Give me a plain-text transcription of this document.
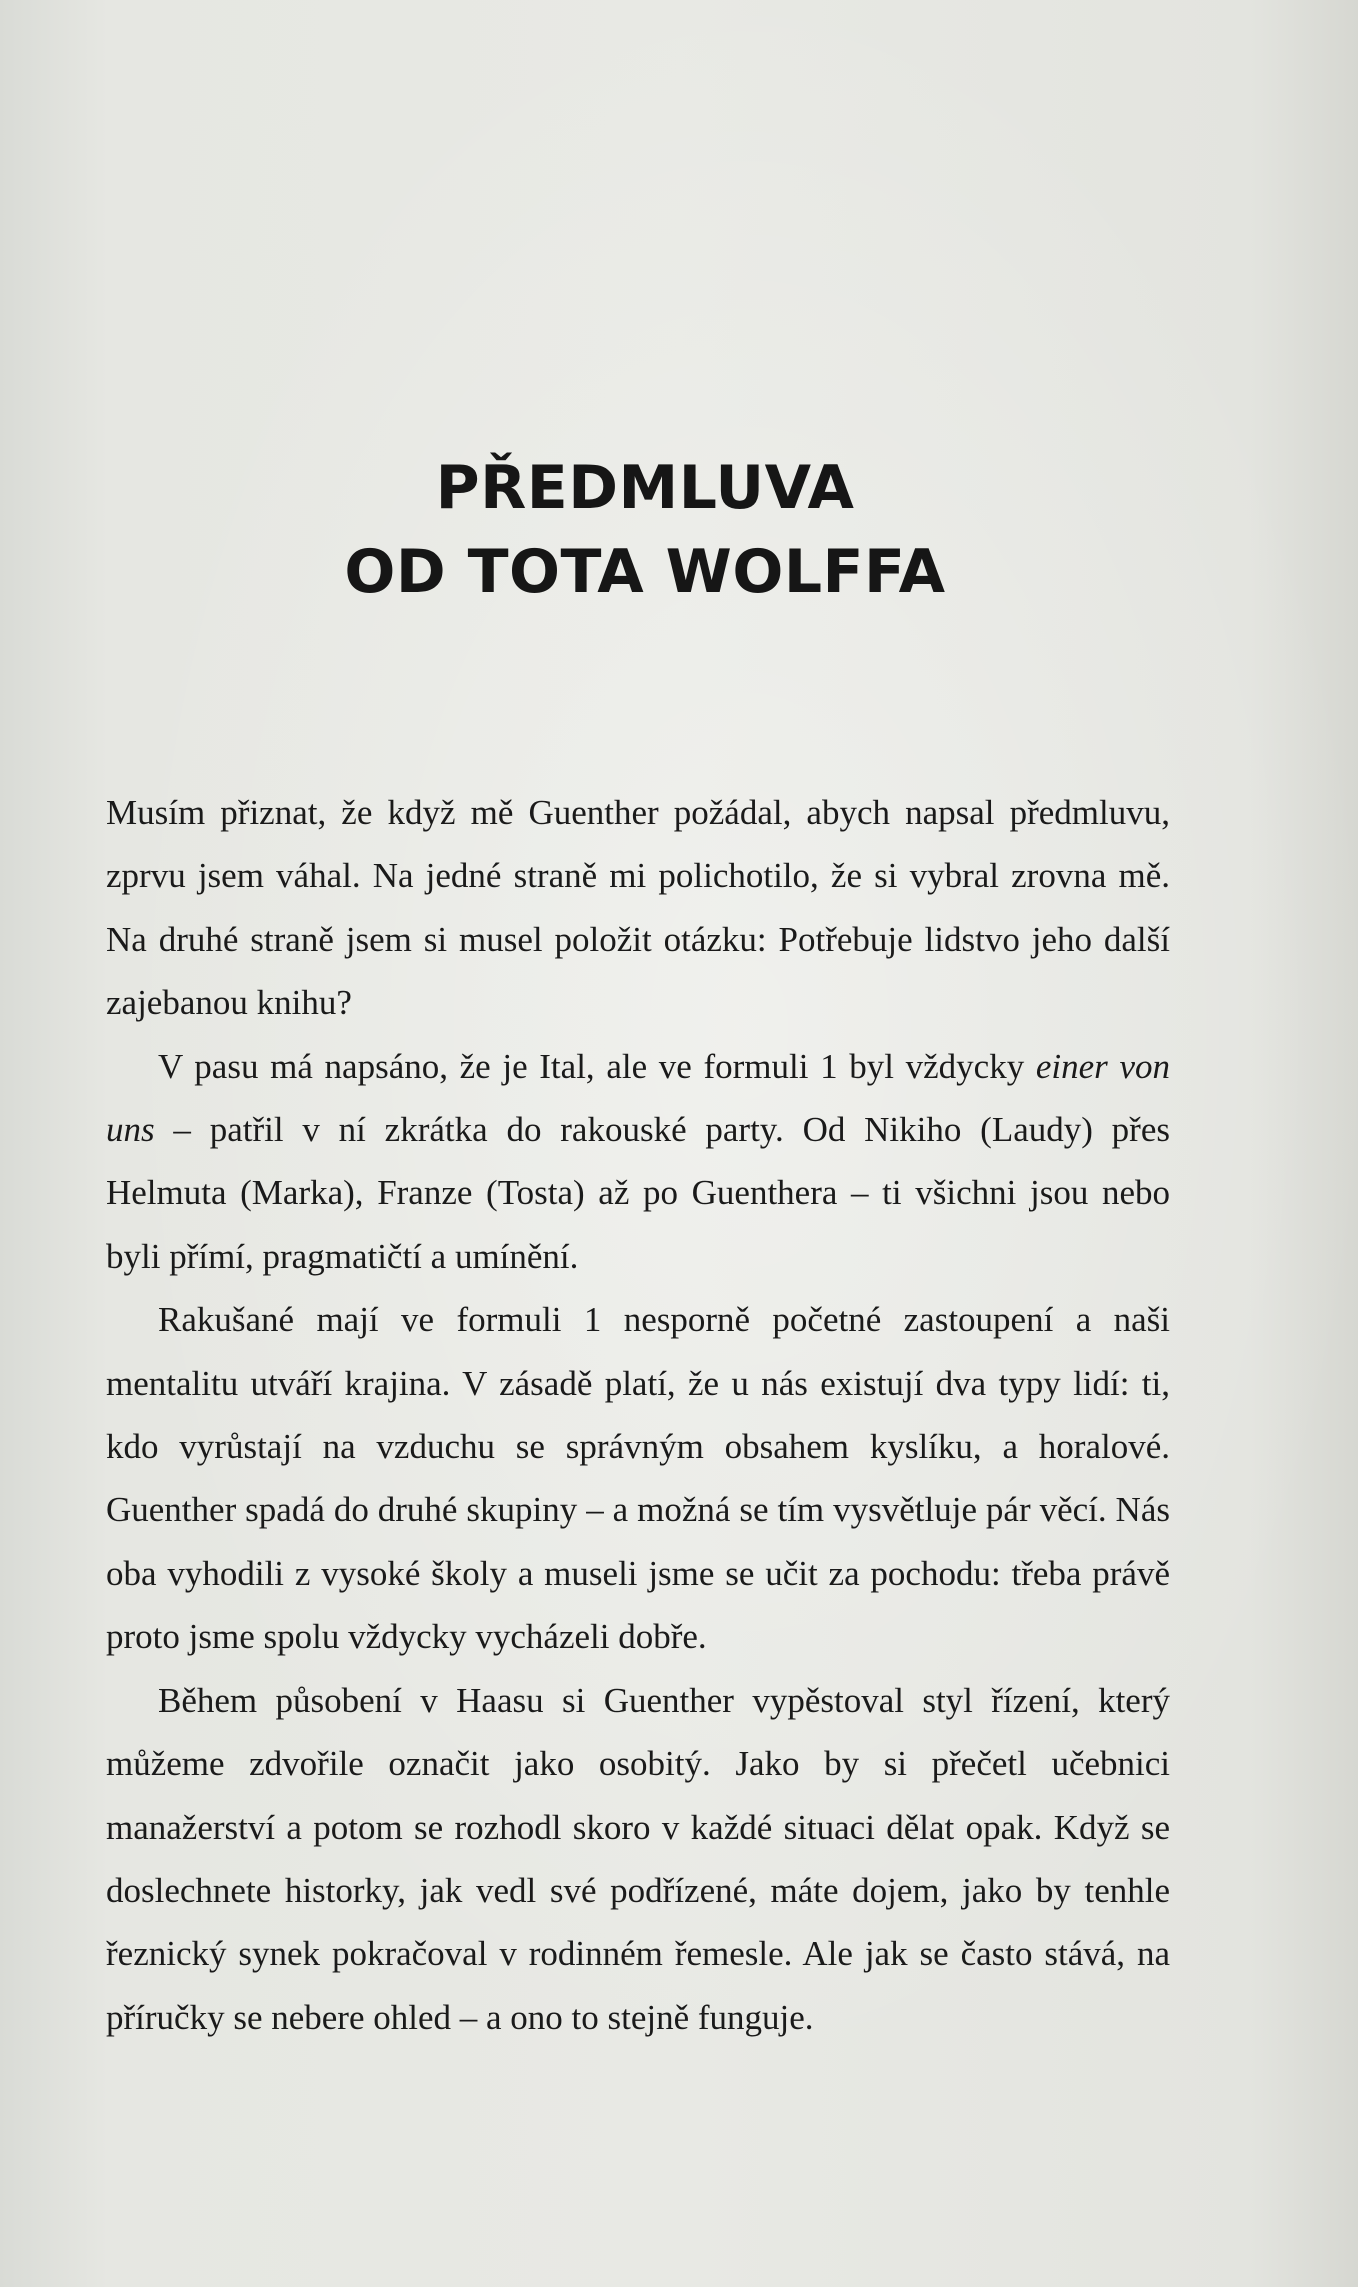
PŘEDMLUVA
OD TOTA WOLFFA

Musím přiznat, že když mě Guenther požádal, abych napsal předmluvu, zprvu jsem váhal. Na jedné straně mi polichotilo, že si vybral zrovna mě. Na druhé straně jsem si musel položit otázku: Potřebuje lidstvo jeho další zajebanou knihu?

V pasu má napsáno, že je Ital, ale ve formuli 1 byl vždycky einer von uns – patřil v ní zkrátka do rakouské party. Od Nikiho (Laudy) přes Helmuta (Marka), Franze (Tosta) až po Guenthera – ti všichni jsou nebo byli přímí, pragmatičtí a umínění.

Rakušané mají ve formuli 1 nesporně početné zastoupení a naši mentalitu utváří krajina. V zásadě platí, že u nás existují dva typy lidí: ti, kdo vyrůstají na vzduchu se správným obsahem kyslíku, a horalové. Guenther spadá do druhé skupiny – a možná se tím vysvětluje pár věcí. Nás oba vyhodili z vysoké školy a museli jsme se učit za pochodu: třeba právě proto jsme spolu vždycky vycházeli dobře.

Během působení v Haasu si Guenther vypěstoval styl řízení, který můžeme zdvořile označit jako osobitý. Jako by si přečetl učebnici manažerství a potom se rozhodl skoro v každé situaci dělat opak. Když se doslechnete historky, jak vedl své podřízené, máte dojem, jako by tenhle řeznický synek pokračoval v rodinném řemesle. Ale jak se často stává, na příručky se nebere ohled – a ono to stejně funguje.
